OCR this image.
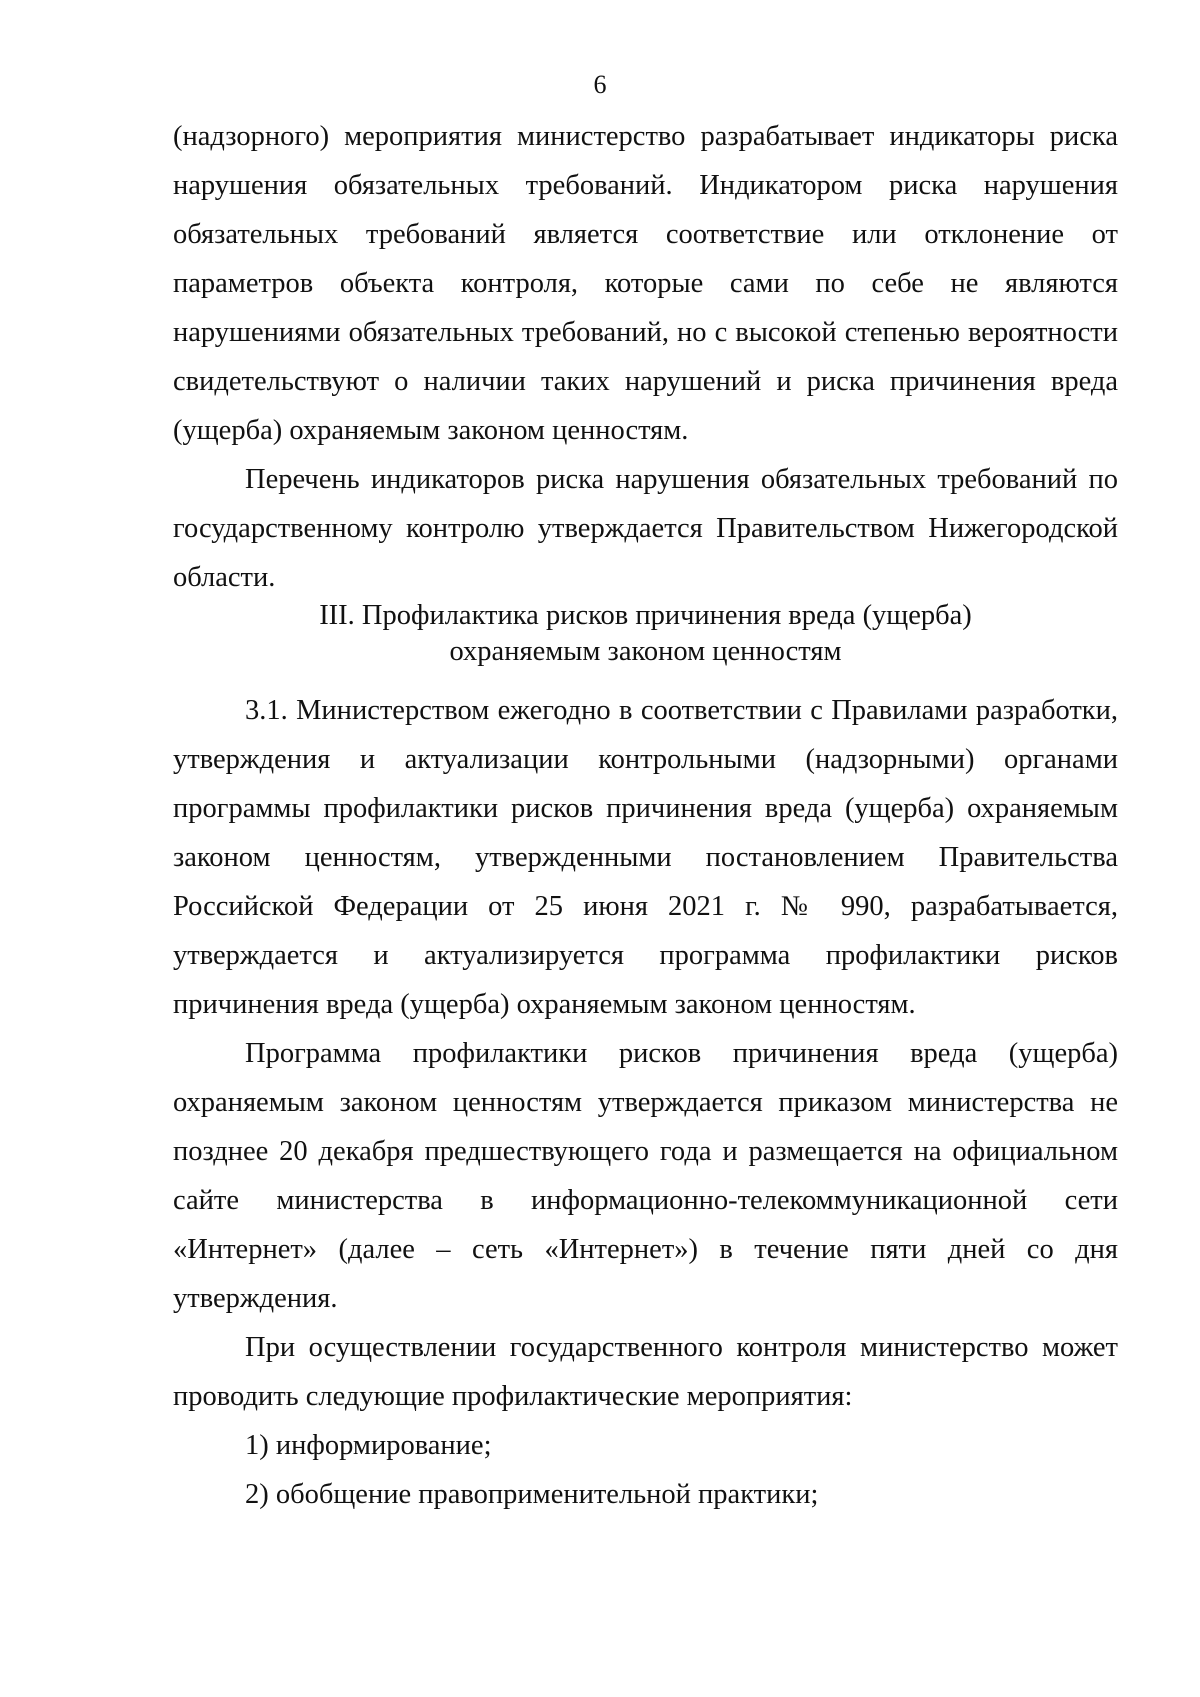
6

(надзорного) мероприятия министерство разрабатывает индикаторы риска нарушения обязательных требований. Индикатором риска нарушения обязательных требований является соответствие или отклонение от параметров объекта контроля, которые сами по себе не являются нарушениями обязательных требований, но с высокой степенью вероятности свидетельствуют о наличии таких нарушений и риска причинения вреда (ущерба) охраняемым законом ценностям.

Перечень индикаторов риска нарушения обязательных требований по государственному контролю утверждается Правительством Нижегородской области.

III. Профилактика рисков причинения вреда (ущерба)
охраняемым законом ценностям

3.1. Министерством ежегодно в соответствии с Правилами разработки, утверждения и актуализации контрольными (надзорными) органами программы профилактики рисков причинения вреда (ущерба) охраняемым законом ценностям, утвержденными постановлением Правительства Российской Федерации от 25 июня 2021 г. № 990, разрабатывается, утверждается и актуализируется программа профилактики рисков причинения вреда (ущерба) охраняемым законом ценностям.

Программа профилактики рисков причинения вреда (ущерба) охраняемым законом ценностям утверждается приказом министерства не позднее 20 декабря предшествующего года и размещается на официальном сайте министерства в информационно-телекоммуникационной сети «Интернет» (далее – сеть «Интернет») в течение пяти дней со дня утверждения.

При осуществлении государственного контроля министерство может проводить следующие профилактические мероприятия:

1) информирование;

2) обобщение правоприменительной практики;
